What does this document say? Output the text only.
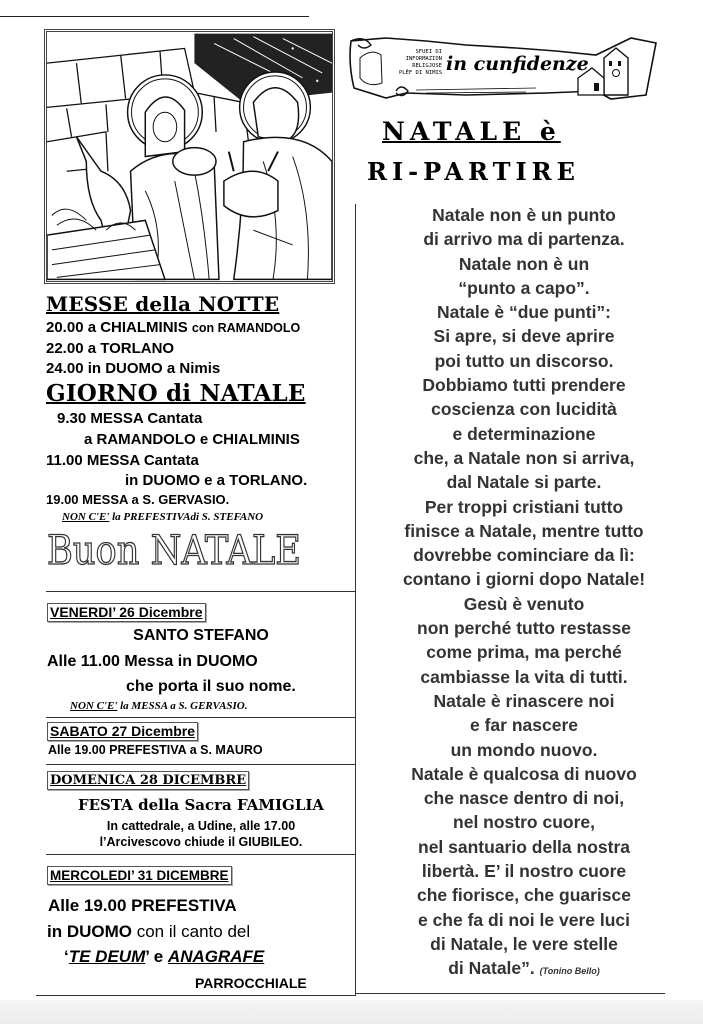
SFUEI DI
INFORMAZION
RELIGJOSE
PLÊF DI NIMIS in cunfidenze
NATALE è
RI-PARTIRE
MESSE della NOTTE
20.00 a CHIALMINIS con RAMANDOLO
22.00 a TORLANO
24.00 in DUOMO a Nimis
GIORNO di NATALE
9.30 MESSA Cantata
a RAMANDOLO e CHIALMINIS
11.00 MESSA Cantata
in DUOMO e a TORLANO.
19.00 MESSA a S. GERVASIO.
NON C'E' la PREFESTIVAdi S. STEFANO
Buon NATALE
VENERDI’ 26 Dicembre
SANTO STEFANO
Alle 11.00 Messa in DUOMO
che porta il suo nome.
NON C'E' la MESSA a S. GERVASIO.
SABATO 27 Dicembre
Alle 19.00 PREFESTIVA a S. MAURO
DOMENICA 28 DICEMBRE
FESTA della Sacra FAMIGLIA
In cattedrale, a Udine, alle 17.00
l’Arcivescovo chiude il GIUBILEO.
MERCOLEDI’ 31 DICEMBRE
Alle 19.00 PREFESTIVA
in DUOMO con il canto del
‘TE DEUM’ e ANAGRAFE
PARROCCHIALE
Natale non è un punto
di arrivo ma di partenza.
Natale non è un
“punto a capo”.
Natale è “due punti”:
Si apre, si deve aprire
poi tutto un discorso.
Dobbiamo tutti prendere
coscienza con lucidità
e determinazione
che, a Natale non si arriva,
dal Natale si parte.
Per troppi cristiani tutto
finisce a Natale, mentre tutto
dovrebbe cominciare da lì:
contano i giorni dopo Natale!
Gesù è venuto
non perché tutto restasse
come prima, ma perché
cambiasse la vita di tutti.
Natale è rinascere noi
e far nascere
un mondo nuovo.
Natale è qualcosa di nuovo
che nasce dentro di noi,
nel nostro cuore,
nel santuario della nostra
libertà. E’ il nostro cuore
che fiorisce, che guarisce
e che fa di noi le vere luci
di Natale, le vere stelle
di Natale”. (Tonino Bello)
